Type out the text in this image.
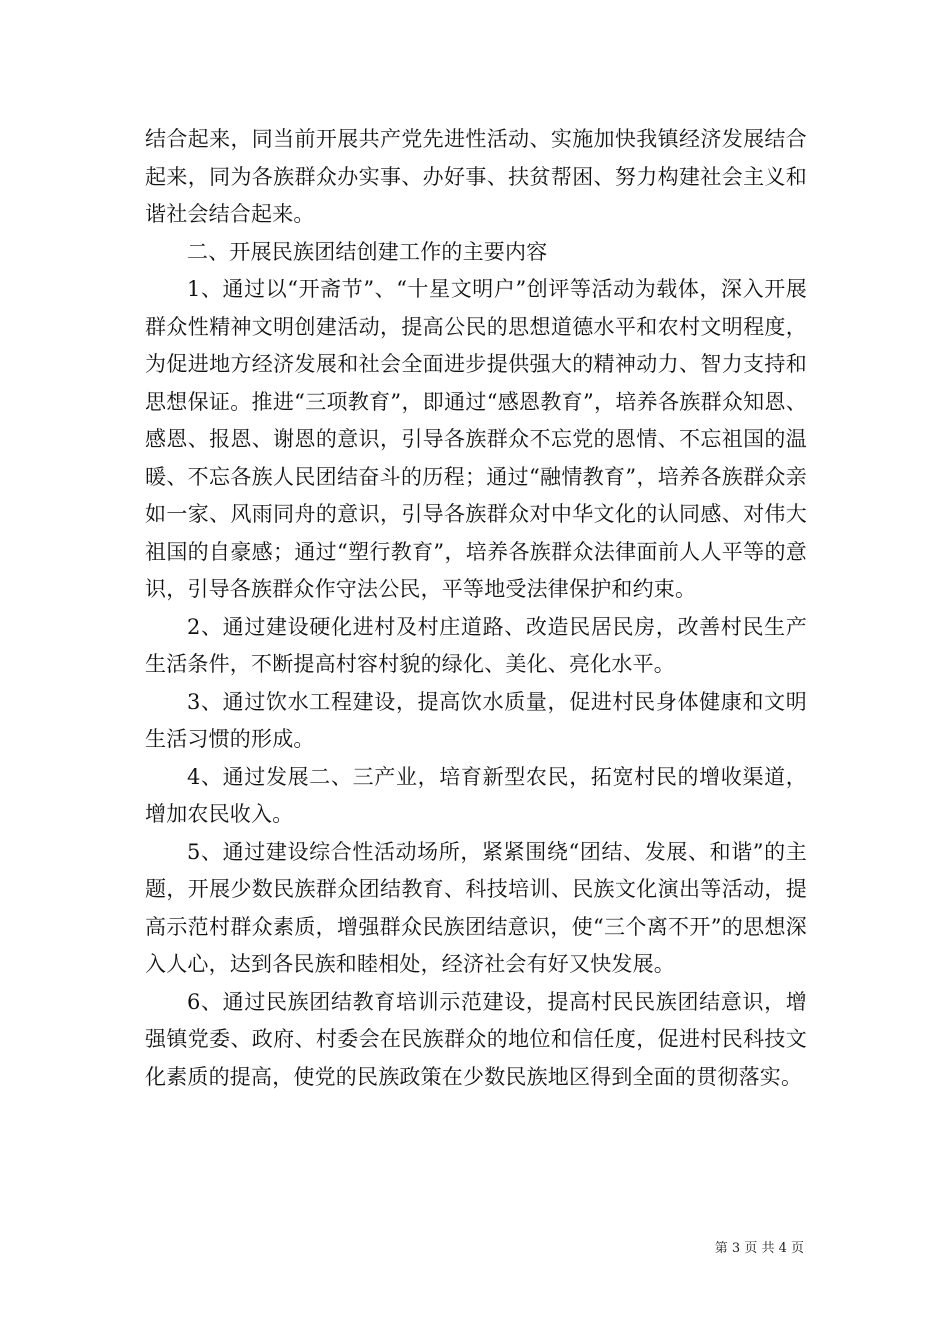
结合起来，同当前开展共产党先进性活动、实施加快我镇经济发展结合起来，同为各族群众办实事、办好事、扶贫帮困、努力构建社会主义和谐社会结合起来。

二、开展民族团结创建工作的主要内容

1、通过以“开斋节”、“十星文明户”创评等活动为载体，深入开展群众性精神文明创建活动，提高公民的思想道德水平和农村文明程度，为促进地方经济发展和社会全面进步提供强大的精神动力、智力支持和思想保证。推进“三项教育”，即通过“感恩教育”，培养各族群众知恩、感恩、报恩、谢恩的意识，引导各族群众不忘党的恩情、不忘祖国的温暖、不忘各族人民团结奋斗的历程；通过“融情教育”，培养各族群众亲如一家、风雨同舟的意识，引导各族群众对中华文化的认同感、对伟大祖国的自豪感；通过“塑行教育”，培养各族群众法律面前人人平等的意识，引导各族群众作守法公民，平等地受法律保护和约束。

2、通过建设硬化进村及村庄道路、改造民居民房，改善村民生产生活条件，不断提高村容村貌的绿化、美化、亮化水平。

3、通过饮水工程建设，提高饮水质量，促进村民身体健康和文明生活习惯的形成。

4、通过发展二、三产业，培育新型农民，拓宽村民的增收渠道，增加农民收入。

5、通过建设综合性活动场所，紧紧围绕“团结、发展、和谐”的主题，开展少数民族群众团结教育、科技培训、民族文化演出等活动，提高示范村群众素质，增强群众民族团结意识，使“三个离不开”的思想深入人心，达到各民族和睦相处，经济社会有好又快发展。

6、通过民族团结教育培训示范建设，提高村民民族团结意识，增强镇党委、政府、村委会在民族群众的地位和信任度，促进村民科技文化素质的提高，使党的民族政策在少数民族地区得到全面的贯彻落实。

第 3 页 共 4 页
